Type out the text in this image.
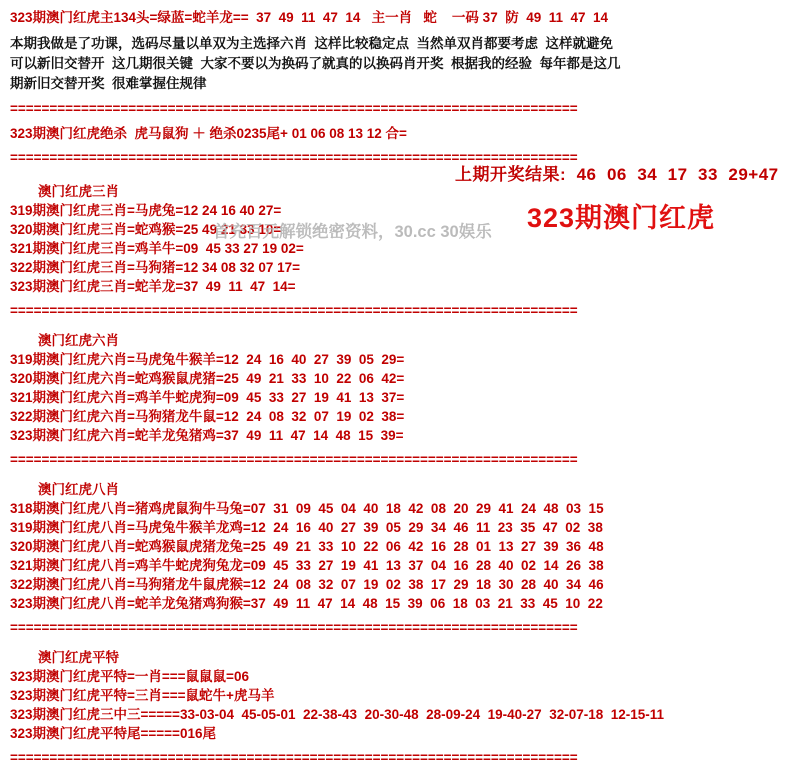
323期澳门红虎主134头=绿蓝=蛇羊龙==  37  49  11  47  14   主一肖   蛇    一码 37  防  49  11  47  14
本期我做是了功课，选码尽量以单双为主选择六肖  这样比较稳定点  当然单双肖都要考虑  这样就避免
可以新旧交替开  这几期很关键  大家不要以为换码了就真的以换码肖开奖  根据我的经验  每年都是这几
期新旧交替开奖  很难掌握住规律
========================================================================
323期澳门红虎绝杀  虎马鼠狗 ＋ 绝杀0235尾+ 01 06 08 13 12 合=
========================================================================
澳门红虎三肖
319期澳门红虎三肖=马虎兔=12 24 16 40 27=
320期澳门红虎三肖=蛇鸡猴=25 49 21 33 10=
321期澳门红虎三肖=鸡羊牛=09  45 33 27 19 02=
322期澳门红虎三肖=马狗猪=12 34 08 32 07 17=
323期澳门红虎三肖=蛇羊龙=37  49  11  47  14=
========================================================================
澳门红虎六肖
319期澳门红虎六肖=马虎兔牛猴羊=12  24  16  40  27  39  05  29=
320期澳门红虎六肖=蛇鸡猴鼠虎猪=25  49  21  33  10  22  06  42=
321期澳门红虎六肖=鸡羊牛蛇虎狗=09  45  33  27  19  41  13  37=
322期澳门红虎六肖=马狗猪龙牛鼠=12  24  08  32  07  19  02  38=
323期澳门红虎六肖=蛇羊龙兔猪鸡=37  49  11  47  14  48  15  39=
========================================================================
澳门红虎八肖
318期澳门红虎八肖=猪鸡虎鼠狗牛马兔=07  31  09  45  04  40  18  42  08  20  29  41  24  48  03  15
319期澳门红虎八肖=马虎兔牛猴羊龙鸡=12  24  16  40  27  39  05  29  34  46  11  23  35  47  02  38
320期澳门红虎八肖=蛇鸡猴鼠虎猪龙兔=25  49  21  33  10  22  06  42  16  28  01  13  27  39  36  48
321期澳门红虎八肖=鸡羊牛蛇虎狗兔龙=09  45  33  27  19  41  13  37  04  16  28  40  02  14  26  38
322期澳门红虎八肖=马狗猪龙牛鼠虎猴=12  24  08  32  07  19  02  38  17  29  18  30  28  40  34  46
323期澳门红虎八肖=蛇羊龙兔猪鸡狗猴=37  49  11  47  14  48  15  39  06  18  03  21  33  45  10  22
========================================================================
澳门红虎平特
323期澳门红虎平特=一肖===鼠鼠鼠=06
323期澳门红虎平特=三肖===鼠蛇牛+虎马羊
323期澳门红虎三中三=====33-03-04  45-05-01  22-38-43  20-30-48  28-09-24  19-40-27  32-07-18  12-15-11
323期澳门红虎平特尾=====016尾
========================================================================
上期开奖结果:  46  06  34  17  33  29+47
323期澳门红虎
首充百元解锁绝密资料，30.cc 30娱乐
